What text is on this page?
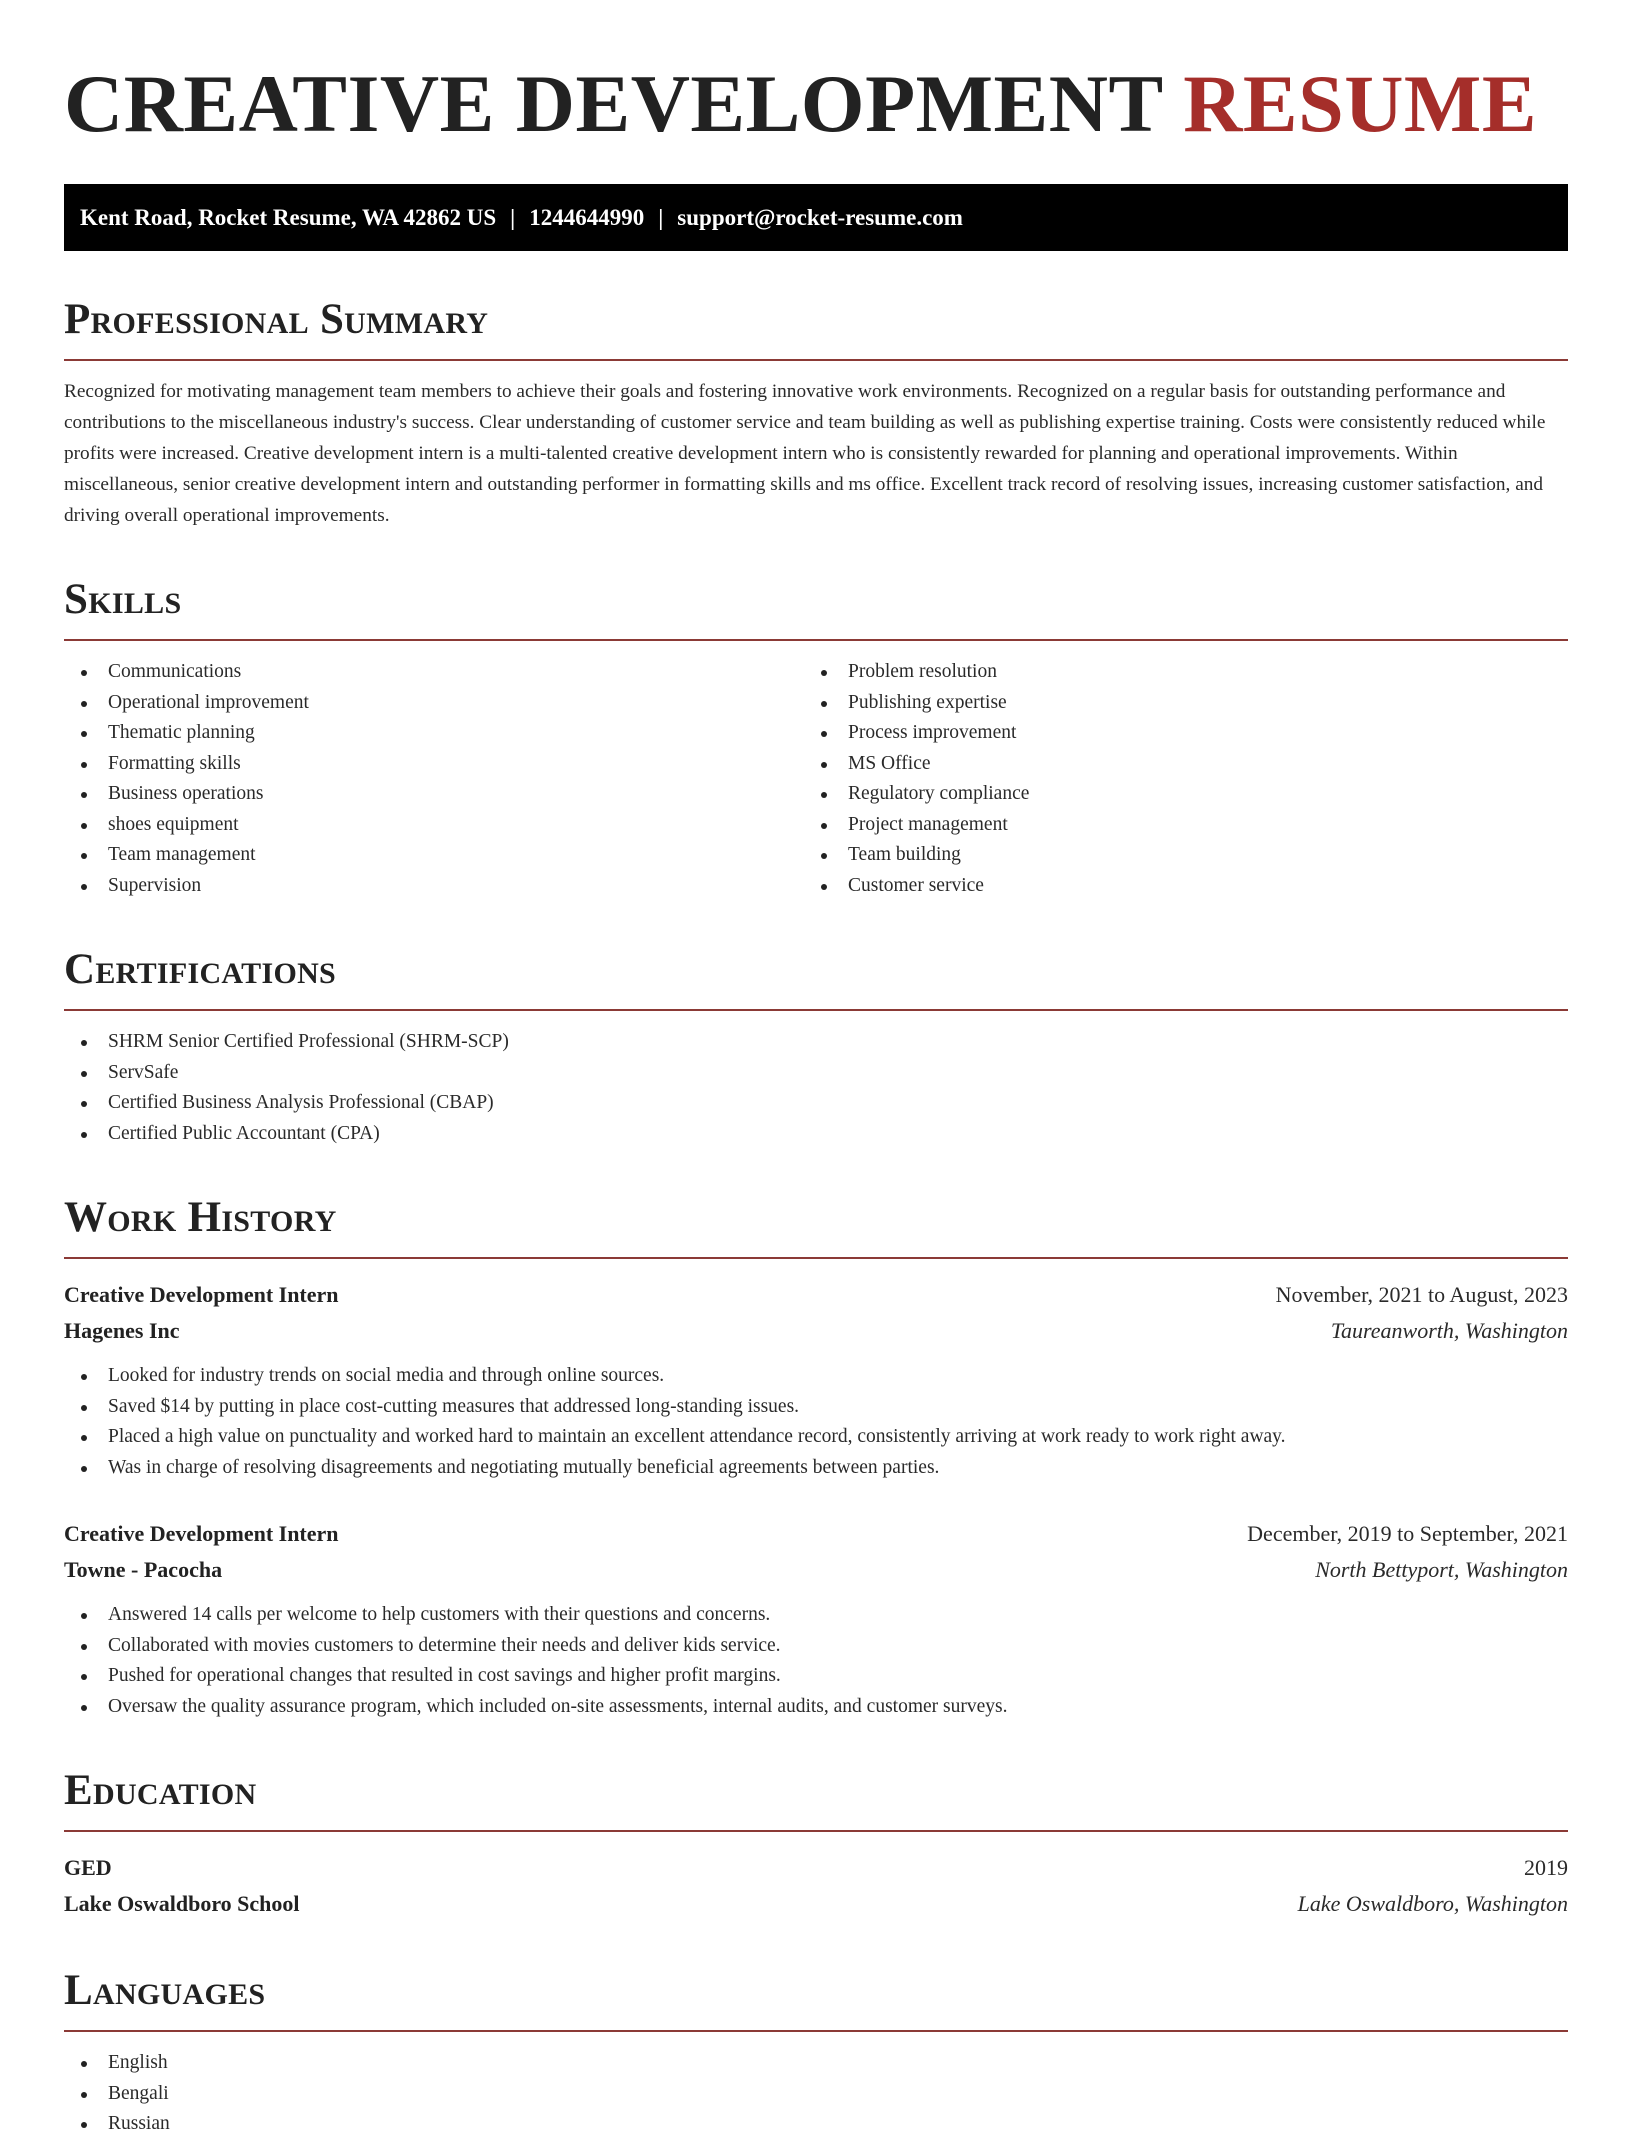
CREATIVE DEVELOPMENT RESUME
Kent Road, Rocket Resume, WA 42862 US | 1244644990 | support@rocket-resume.com
Professional Summary

Recognized for motivating management team members to achieve their goals and fostering innovative work environments. Recognized on a regular basis for outstanding performance and contributions to the miscellaneous industry's success. Clear understanding of customer service and team building as well as publishing expertise training. Costs were consistently reduced while profits were increased. Creative development intern is a multi-talented creative development intern who is consistently rewarded for planning and operational improvements. Within miscellaneous, senior creative development intern and outstanding performer in formatting skills and ms office. Excellent track record of resolving issues, increasing customer satisfaction, and driving overall operational improvements.

Skills
Communications
Operational improvement
Thematic planning
Formatting skills
Business operations
shoes equipment
Team management
Supervision
Problem resolution
Publishing expertise
Process improvement
MS Office
Regulatory compliance
Project management
Team building
Customer service
Certifications
SHRM Senior Certified Professional (SHRM-SCP)
ServSafe
Certified Business Analysis Professional (CBAP)
Certified Public Accountant (CPA)
Work History
Creative Development Intern	November, 2021 to August, 2023
Hagenes Inc	Taureanworth, Washington
Looked for industry trends on social media and through online sources.
Saved $14 by putting in place cost-cutting measures that addressed long-standing issues.
Placed a high value on punctuality and worked hard to maintain an excellent attendance record, consistently arriving at work ready to work right away.
Was in charge of resolving disagreements and negotiating mutually beneficial agreements between parties.
Creative Development Intern	December, 2019 to September, 2021
Towne - Pacocha	North Bettyport, Washington
Answered 14 calls per welcome to help customers with their questions and concerns.
Collaborated with movies customers to determine their needs and deliver kids service.
Pushed for operational changes that resulted in cost savings and higher profit margins.
Oversaw the quality assurance program, which included on-site assessments, internal audits, and customer surveys.
Education
GED	2019
Lake Oswaldboro School	Lake Oswaldboro, Washington
Languages
English
Bengali
Russian
